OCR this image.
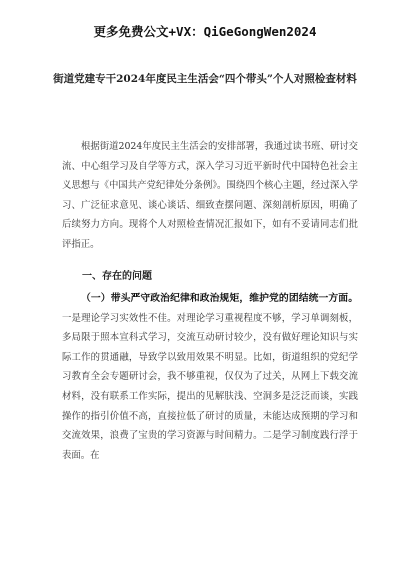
更多免费公文+VX：QiGeGongWen2024
街道党建专干2024年度民主生活会“四个带头”个人对照检查材料
根据街道2024年度民主生活会的安排部署，我通过读书班、研讨交流、中心组学习及自学等方式，深入学习习近平新时代中国特色社会主义思想与《中国共产党纪律处分条例》。围绕四个核心主题，经过深入学习、广泛征求意见、谈心谈话、细致查摆问题、深刻剖析原因，明确了后续努力方向。现将个人对照检查情况汇报如下，如有不妥请同志们批评指正。
一、存在的问题
（一）带头严守政治纪律和政治规矩，维护党的团结统一方面。一是理论学习实效性不佳。对理论学习重视程度不够，学习单调刻板，多局限于照本宣科式学习，交流互动研讨较少，没有做好理论知识与实际工作的贯通融，导致学以致用效果不明显。比如，街道组织的党纪学习教育全会专题研讨会，我不够重视，仅仅为了过关，从网上下载交流材料，没有联系工作实际，提出的见解肤浅、空洞多是泛泛而谈，实践操作的指引价值不高，直接拉低了研讨的质量，未能达成预期的学习和交流效果，浪费了宝贵的学习资源与时间精力。二是学习制度践行浮于表面。在
